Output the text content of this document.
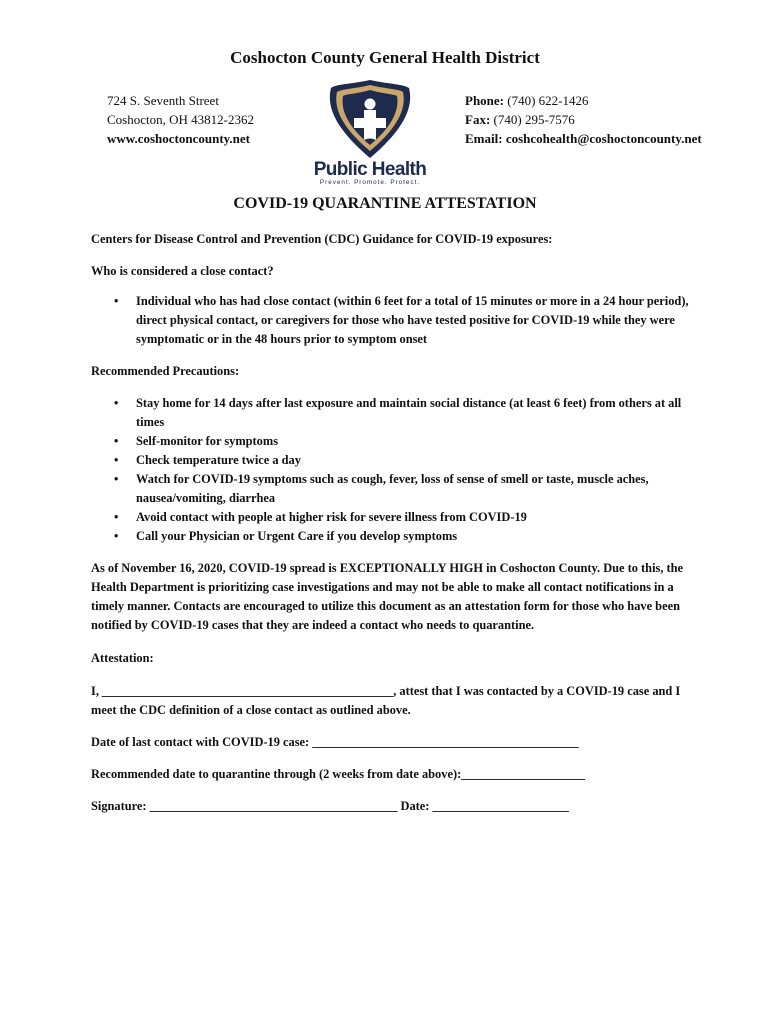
Coshocton County General Health District
724 S. Seventh Street
Coshocton, OH 43812-2362
www.coshoctoncounty.net
Public Health
Prevent. Promote. Protect.
Phone: (740) 622-1426
Fax: (740) 295-7576
Email: coshcohealth@coshoctoncounty.net
COVID-19 QUARANTINE ATTESTATION

Centers for Disease Control and Prevention (CDC) Guidance for COVID-19 exposures:

Who is considered a close contact?

• Individual who has had close contact (within 6 feet for a total of 15 minutes or more in a 24 hour period), direct physical contact, or caregivers for those who have tested positive for COVID-19 while they were symptomatic or in the 48 hours prior to symptom onset

Recommended Precautions:

• Stay home for 14 days after last exposure and maintain social distance (at least 6 feet) from others at all times
• Self-monitor for symptoms
• Check temperature twice a day
• Watch for COVID-19 symptoms such as cough, fever, loss of sense of smell or taste, muscle aches, nausea/vomiting, diarrhea
• Avoid contact with people at higher risk for severe illness from COVID-19
• Call your Physician or Urgent Care if you develop symptoms

As of November 16, 2020, COVID-19 spread is EXCEPTIONALLY HIGH in Coshocton County. Due to this, the Health Department is prioritizing case investigations and may not be able to make all contact notifications in a timely manner. Contacts are encouraged to utilize this document as an attestation form for those who have been notified by COVID-19 cases that they are indeed a contact who needs to quarantine.

Attestation:

I, _______________________________________________, attest that I was contacted by a COVID-19 case and I meet the CDC definition of a close contact as outlined above.

Date of last contact with COVID-19 case: ___________________________________________

Recommended date to quarantine through (2 weeks from date above):____________________

Signature: ________________________________________ Date: ______________________
